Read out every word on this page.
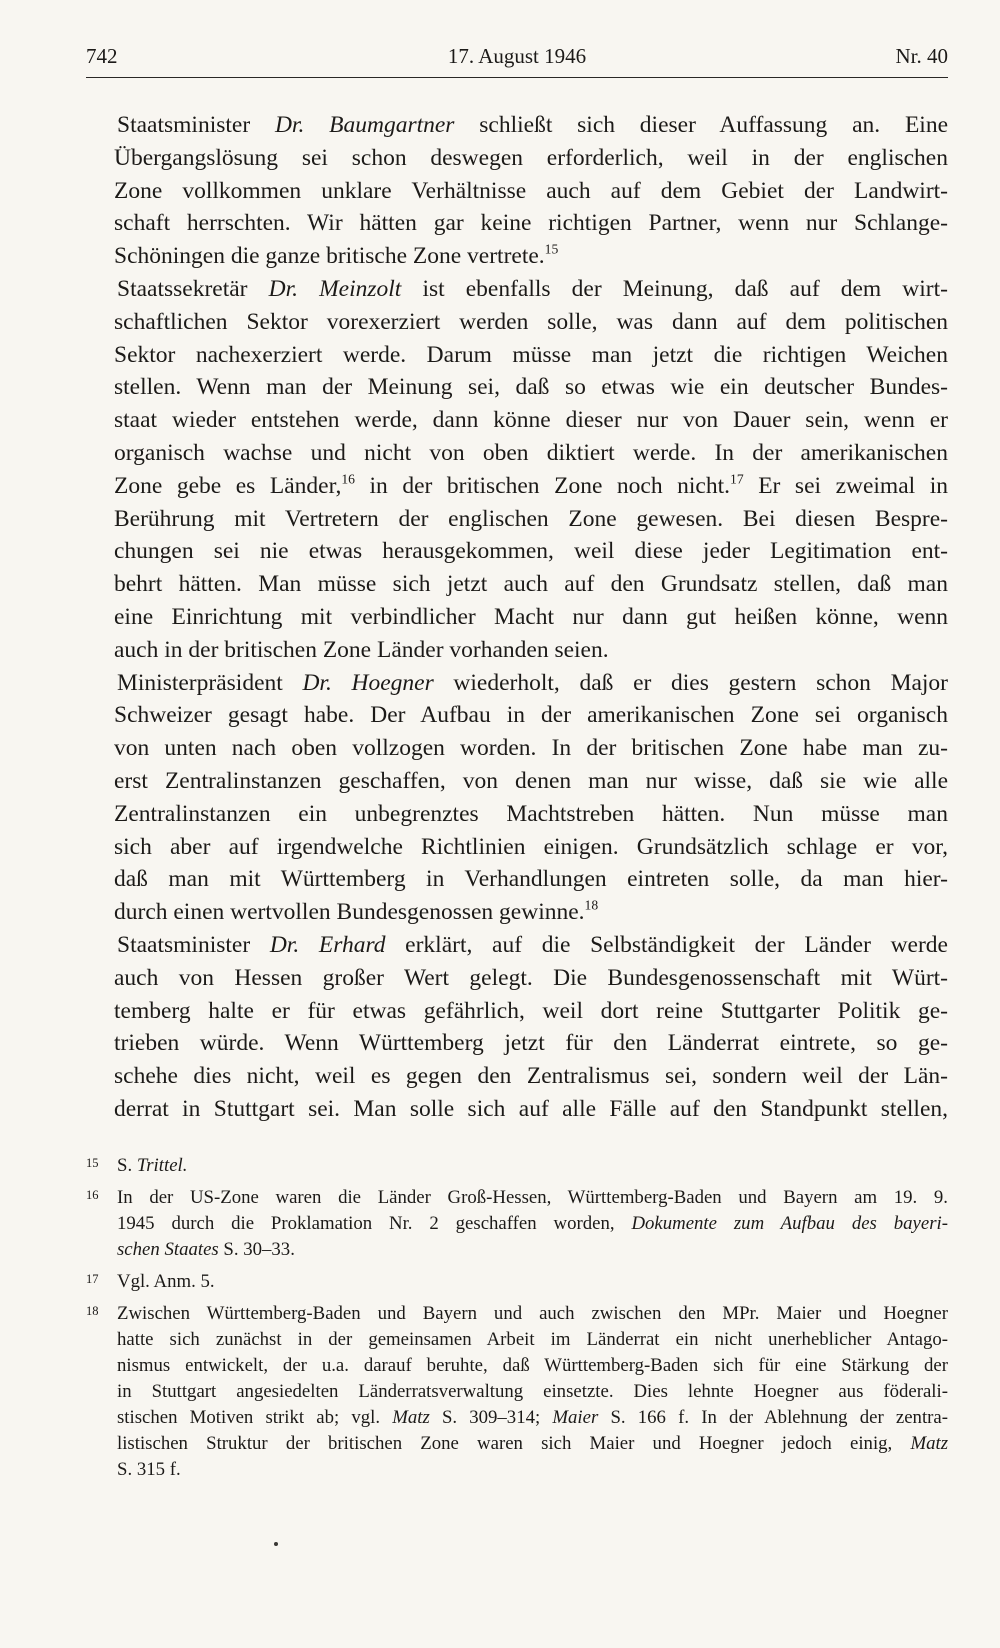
742	17. August 1946	Nr. 40
Staatsminister Dr. Baumgartner schließt sich dieser Auffassung an. Eine
Übergangslösung sei schon deswegen erforderlich, weil in der englischen
Zone vollkommen unklare Verhältnisse auch auf dem Gebiet der Landwirt-
schaft herrschten. Wir hätten gar keine richtigen Partner, wenn nur Schlange-
Schöningen die ganze britische Zone vertrete.$^{15}$
Staatssekretär Dr. Meinzolt ist ebenfalls der Meinung, daß auf dem wirt-
schaftlichen Sektor vorexerziert werden solle, was dann auf dem politischen
Sektor nachexerziert werde. Darum müsse man jetzt die richtigen Weichen
stellen. Wenn man der Meinung sei, daß so etwas wie ein deutscher Bundes-
staat wieder entstehen werde, dann könne dieser nur von Dauer sein, wenn er
organisch wachse und nicht von oben diktiert werde. In der amerikanischen
Zone gebe es Länder,$^{16}$ in der britischen Zone noch nicht.$^{17}$ Er sei zweimal in
Berührung mit Vertretern der englischen Zone gewesen. Bei diesen Bespre-
chungen sei nie etwas herausgekommen, weil diese jeder Legitimation ent-
behrt hätten. Man müsse sich jetzt auch auf den Grundsatz stellen, daß man
eine Einrichtung mit verbindlicher Macht nur dann gut heißen könne, wenn
auch in der britischen Zone Länder vorhanden seien.
Ministerpräsident Dr. Hoegner wiederholt, daß er dies gestern schon Major
Schweizer gesagt habe. Der Aufbau in der amerikanischen Zone sei organisch
von unten nach oben vollzogen worden. In der britischen Zone habe man zu-
erst Zentralinstanzen geschaffen, von denen man nur wisse, daß sie wie alle
Zentralinstanzen ein unbegrenztes Machtstreben hätten. Nun müsse man
sich aber auf irgendwelche Richtlinien einigen. Grundsätzlich schlage er vor,
daß man mit Württemberg in Verhandlungen eintreten solle, da man hier-
durch einen wertvollen Bundesgenossen gewinne.$^{18}$
Staatsminister Dr. Erhard erklärt, auf die Selbständigkeit der Länder werde
auch von Hessen großer Wert gelegt. Die Bundesgenossenschaft mit Würt-
temberg halte er für etwas gefährlich, weil dort reine Stuttgarter Politik ge-
trieben würde. Wenn Württemberg jetzt für den Länderrat eintrete, so ge-
schehe dies nicht, weil es gegen den Zentralismus sei, sondern weil der Län-
derrat in Stuttgart sei. Man solle sich auf alle Fälle auf den Standpunkt stellen,
15 S. Trittel.
16 In der US-Zone waren die Länder Groß-Hessen, Württemberg-Baden und Bayern am 19. 9.
1945 durch die Proklamation Nr. 2 geschaffen worden, Dokumente zum Aufbau des bayeri-
schen Staates S. 30–33.
17 Vgl. Anm. 5.
18 Zwischen Württemberg-Baden und Bayern und auch zwischen den MPr. Maier und Hoegner
hatte sich zunächst in der gemeinsamen Arbeit im Länderrat ein nicht unerheblicher Antago-
nismus entwickelt, der u.a. darauf beruhte, daß Württemberg-Baden sich für eine Stärkung der
in Stuttgart angesiedelten Länderratsverwaltung einsetzte. Dies lehnte Hoegner aus föderali-
stischen Motiven strikt ab; vgl. Matz S. 309–314; Maier S. 166 f. In der Ablehnung der zentra-
listischen Struktur der britischen Zone waren sich Maier und Hoegner jedoch einig, Matz
S. 315 f.
